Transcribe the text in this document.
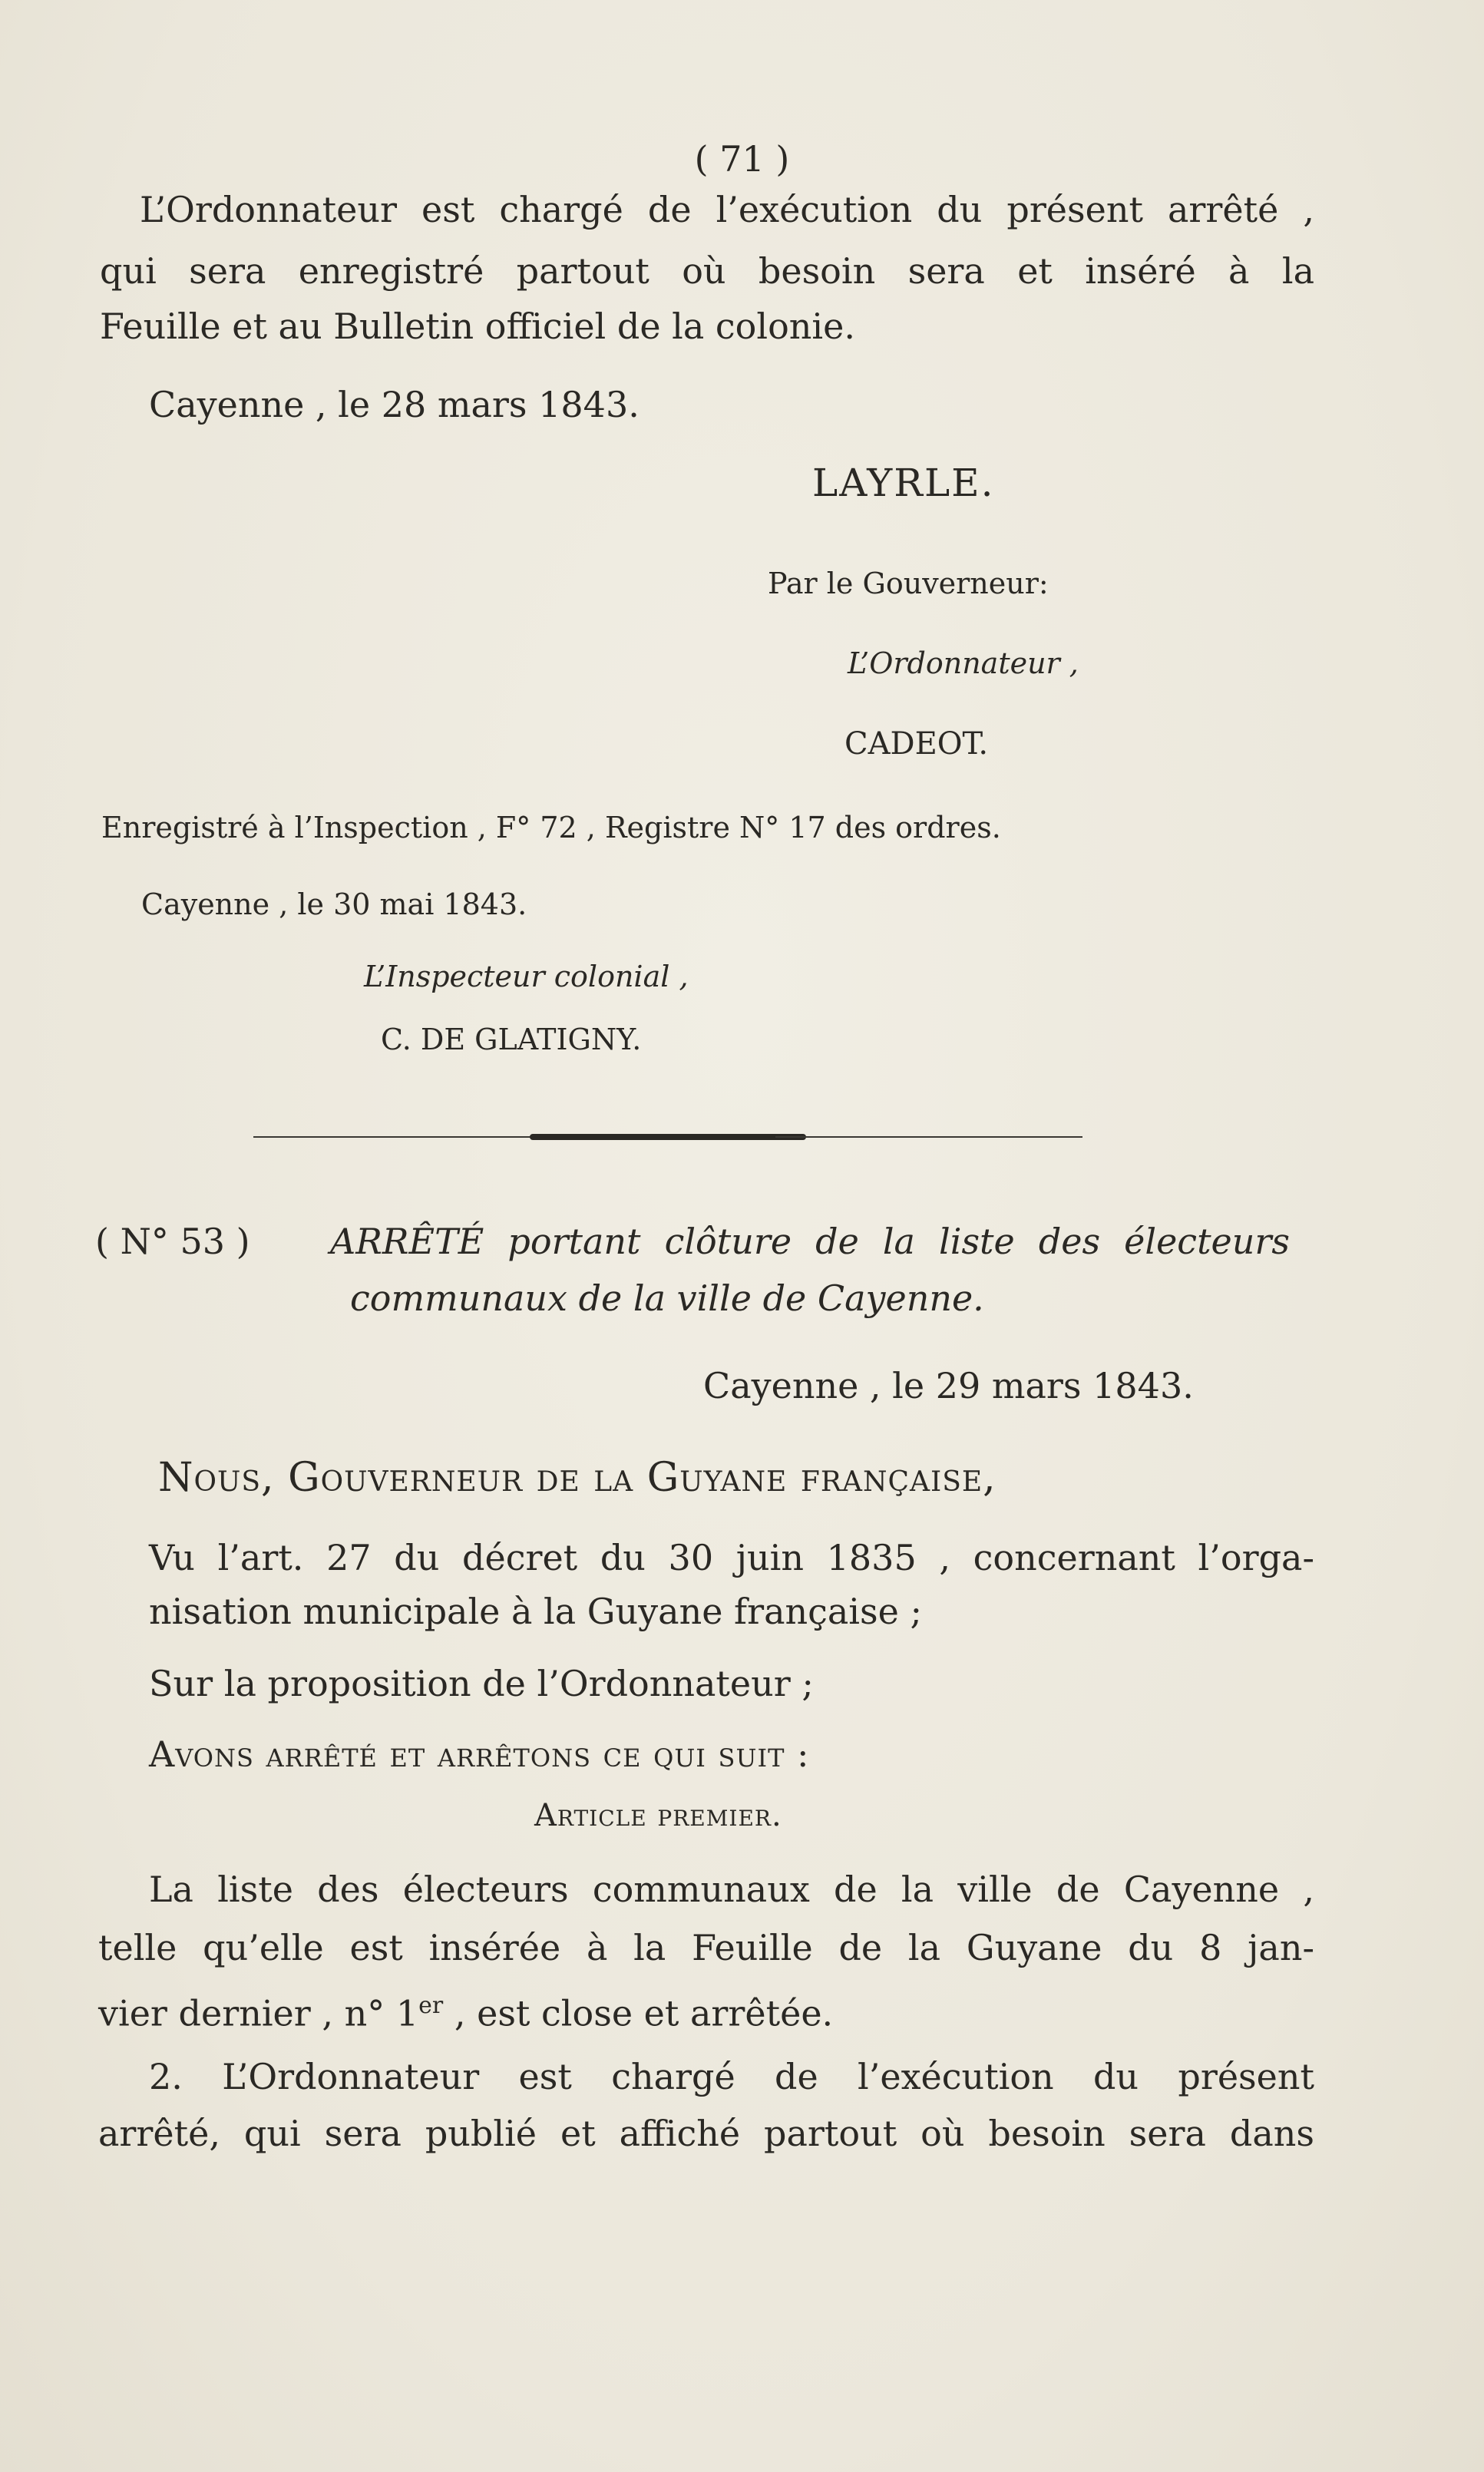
( 71 )
L’Ordonnateur est chargé de l’exécution du présent arrêté ,
qui sera enregistré partout où besoin sera et inséré à la
Feuille et au Bulletin officiel de la colonie.
Cayenne , le 28 mars 1843.
LAYRLE.
Par le Gouverneur:
L’Ordonnateur ,
CADEOT.
Enregistré à l’Inspection , F° 72 , Registre N° 17 des ordres.
Cayenne , le 30 mai 1843.
L’Inspecteur colonial ,
C. DE GLATIGNY.
( N° 53 ) ARRÊTÉ portant clôture de la liste des électeurs
communaux de la ville de Cayenne.
Cayenne , le 29 mars 1843.
Nous, Gouverneur de la Guyane française,
Vu l’art. 27 du décret du 30 juin 1835 , concernant l’orga-
nisation municipale à la Guyane française ;
Sur la proposition de l’Ordonnateur ;
Avons arrêté et arrêtons ce qui suit :
Article premier.
La liste des électeurs communaux de la ville de Cayenne ,
telle qu’elle est insérée à la Feuille de la Guyane du 8 jan-
vier dernier , n° 1er , est close et arrêtée.
2. L’Ordonnateur est chargé de l’exécution du présent
arrêté, qui sera publié et affiché partout où besoin sera dans
